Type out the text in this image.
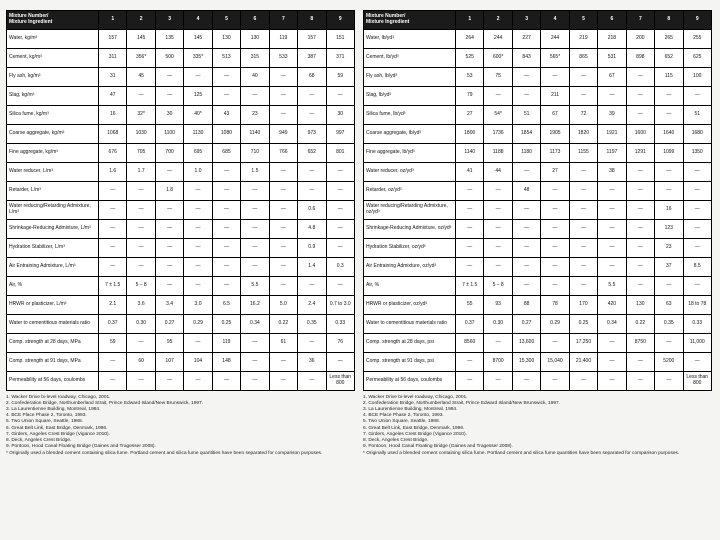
Mixture Number/
Mixture Ingredient	1	2	3	4	5	6	7	8	9
Water, kg/m³	157	145	135	145	130	130	119	157	151
Cement, kg/m³	311	356*	500	335*	513	315	533	387	371
Fly ash, kg/m³	31	45	—	—	—	40	—	68	59
Slag, kg/m³	47	—	—	125	—	—	—	—	—
Silica fume, kg/m³	16	32*	30	40*	43	23	—	—	30
Coarse aggregate, kg/m³	1068	1030	1100	1130	1080	1140	949	973	997
Fine aggregate, kg/m³	676	705	700	695	685	710	766	652	801
Water reducer, L/m³	1.6	1.7	—	1.0	—	1.5	—	—	—
Retarder, L/m³	—	—	1.8	—	—	—	—	—	—
Water reducing/Retarding Admixture, L/m³	—	—	—	—	—	—	—	0.6	—
Shrinkage-Reducing Admixture, L/m³	—	—	—	—	—	—	—	4.8	—
Hydration Stabilizer, L/m³	—	—	—	—	—	—	—	0.9	—
Air Entraining Admixture, L/m³	—	—	—	—	—	—	—	1.4	0.3
Air, %	7 ± 1.5	5 – 8	—	—	—	5.5	—	—	—
HRWR or plasticizer, L/m³	2.1	3.6	3.4	3.0	6.5	16.2	5.0	2.4	0.7 to 3.0
Water to cementitious materials ratio	0.37	0.30	0.27	0.29	0.25	0.34	0.22	0.35	0.33
Comp. strength at 28 days, MPa	59	—	95	—	119	—	61	—	76
Comp. strength at 91 days, MPa	—	60	107	104	148	—	—	36	—
Permeability at 56 days, coulombs	—	—	—	—	—	—	—	—	Less than 800
1. Wacker Drive bi-level roadway, Chicago, 2001.
2. Confederation Bridge, Northumberland Strait, Prince Edward Island/New Brunswick, 1997.
3. La Laurentienne Building, Montreal, 1984.
4. BCE Place Phase 2, Toronto, 1993.
5. Two Union Square, Seattle, 1988.
6. Great Belt Link, East Bridge, Denmark, 1996.
7. Girders, Angeles Crest Bridge (Vigance 2010).
8. Deck, Angeles Crest Bridge.
9. Pontoon, Hood Canal Floating Bridge (Gaines and Tragesser 2008).
* Originally used a blended cement containing silica fume. Portland cement and silica fume quantities have been separated for comparison purposes.
Mixture Number/
Mixture Ingredient	1	2	3	4	5	6	7	8	9
Water, lb/yd³	264	244	227	244	219	218	200	265	255
Cement, lb/yd³	525	600*	843	565*	865	531	898	652	625
Fly ash, lb/yd³	53	75	—	—	—	67	—	115	100
Slag, lb/yd³	79	—	—	211	—	—	—	—	—
Silica fume, lb/yd³	27	54*	51	67	72	39	—	—	51
Coarse aggregate, lb/yd³	1800	1736	1854	1905	1820	1921	1600	1640	1680
Fine aggregate, lb/yd³	1140	1188	1180	1173	1155	1197	1291	1099	1350
Water reducer, oz/yd³	41	44	—	27	—	38	—	—	—
Retarder, oz/yd³	—	—	48	—	—	—	—	—	—
Water reducing/Retarding Admixture, oz/yd³	—	—	—	—	—	—	—	16	—
Shrinkage-Reducing Admixture, oz/yd³	—	—	—	—	—	—	—	123	—
Hydration Stabilizer, oz/yd³	—	—	—	—	—	—	—	23	—
Air Entraining Admixture, oz/yd³	—	—	—	—	—	—	—	37	8.5
Air, %	7 ± 1.5	5 – 8	—	—	—	5.5	—	—	—
HRWR or plasticizer, oz/yd³	55	93	88	78	170	420	130	63	18 to 78
Water to cementitious materials ratio	0.37	0.30	0.27	0.29	0.25	0.34	0.22	0.35	0.33
Comp. strength at 28 days, psi	8560	—	13,600	—	17,250	—	8750	—	11,000
Comp. strength at 91 days, psi	—	8700	15,300	15,040	21,400	—	—	5200	—
Permeability at 56 days, coulombs	—	—	—	—	—	—	—	—	Less than 800
1. Wacker Drive bi-level roadway, Chicago, 2001.
2. Confederation Bridge, Northumberland Strait, Prince Edward Island/New Brunswick, 1997.
3. La Laurentienne Building, Montreal, 1984.
4. BCE Place Phase 2, Toronto, 1993.
5. Two Union Square, Seattle, 1988.
6. Great Belt Link, East Bridge, Denmark, 1996.
7. Girders, Angeles Crest Bridge (Vigance 2010).
8. Deck, Angeles Crest Bridge.
9. Pontoon, Hood Canal Floating Bridge (Gaines and Tragesser 2008).
* Originally used a blended cement containing silica fume. Portland cement and silica fume quantities have been separated for comparison purposes.
